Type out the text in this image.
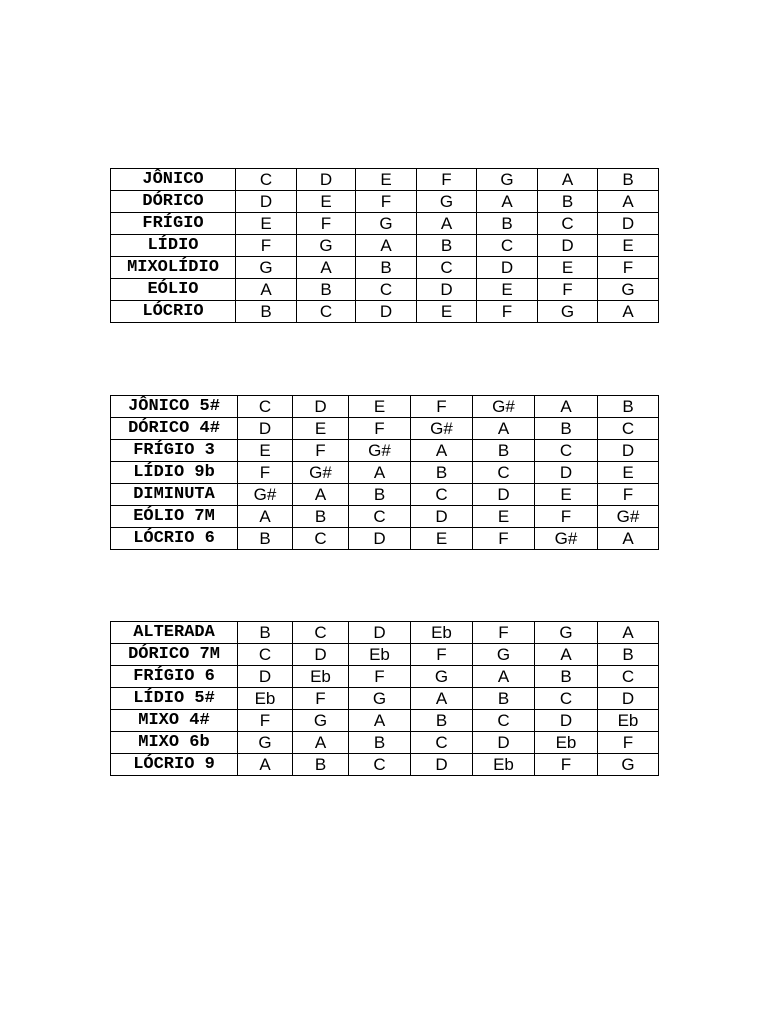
JÔNICO	C	D	E	F	G	A	B
DÓRICO	D	E	F	G	A	B	A
FRÍGIO	E	F	G	A	B	C	D
LÍDIO	F	G	A	B	C	D	E
MIXOLÍDIO	G	A	B	C	D	E	F
EÓLIO	A	B	C	D	E	F	G
LÓCRIO	B	C	D	E	F	G	A
JÔNICO 5#	C	D	E	F	G#	A	B
DÓRICO 4#	D	E	F	G#	A	B	C
FRÍGIO 3	E	F	G#	A	B	C	D
LÍDIO 9b	F	G#	A	B	C	D	E
DIMINUTA	G#	A	B	C	D	E	F
EÓLIO 7M	A	B	C	D	E	F	G#
LÓCRIO 6	B	C	D	E	F	G#	A
ALTERADA	B	C	D	Eb	F	G	A
DÓRICO 7M	C	D	Eb	F	G	A	B
FRÍGIO 6	D	Eb	F	G	A	B	C
LÍDIO 5#	Eb	F	G	A	B	C	D
MIXO 4#	F	G	A	B	C	D	Eb
MIXO 6b	G	A	B	C	D	Eb	F
LÓCRIO 9	A	B	C	D	Eb	F	G
